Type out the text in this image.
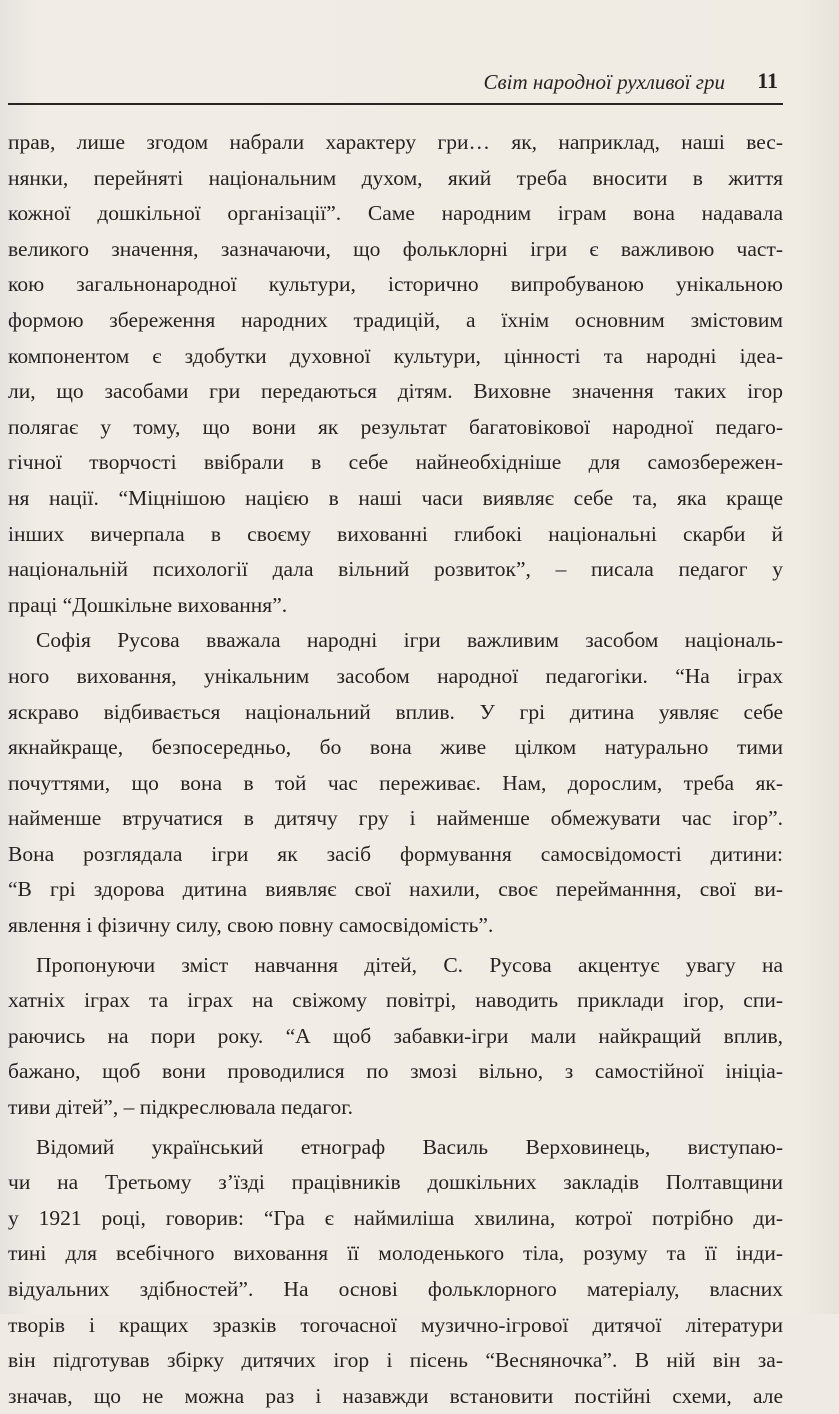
Світ народної рухливої гри 11
прав, лише згодом набрали характеру гри… як, наприклад, наші вес-
нянки, перейняті національним духом, який треба вносити в життя
кожної дошкільної організації”. Саме народним іграм вона надавала
великого значення, зазначаючи, що фольклорні ігри є важливою част-
кою загальнонародної культури, історично випробуваною унікальною
формою збереження народних традицій, а їхнім основним змістовим
компонентом є здобутки духовної культури, цінності та народні ідеа-
ли, що засобами гри передаються дітям. Виховне значення таких ігор
полягає у тому, що вони як результат багатовікової народної педаго-
гічної творчості ввібрали в себе найнеобхідніше для самозбережен-
ня нації. “Міцнішою нацією в наші часи виявляє себе та, яка краще
інших вичерпала в своєму вихованні глибокі національні скарби й
національній психології дала вільний розвиток”, – писала педагог у
праці “Дошкільне виховання”.
Софія Русова вважала народні ігри важливим засобом національ-
ного виховання, унікальним засобом народної педагогіки. “На іграх
яскраво відбивається національний вплив. У грі дитина уявляє себе
якнайкраще, безпосередньо, бо вона живе цілком натурально тими
почуттями, що вона в той час переживає. Нам, дорослим, треба як-
найменше втручатися в дитячу гру і найменше обмежувати час ігор”.
Вона розглядала ігри як засіб формування самосвідомості дитини:
“В грі здорова дитина виявляє свої нахили, своє перейманння, свої ви-
явлення і фізичну силу, свою повну самосвідомість”.
Пропонуючи зміст навчання дітей, С. Русова акцентує увагу на
хатніх іграх та іграх на свіжому повітрі, наводить приклади ігор, спи-
раючись на пори року. “А щоб забавки-ігри мали найкращий вплив,
бажано, щоб вони проводилися по змозі вільно, з самостійної ініціа-
тиви дітей”, – підкреслювала педагог.
Відомий український етнограф Василь Верховинець, виступаю-
чи на Третьому з’їзді працівників дошкільних закладів Полтавщини
у 1921 році, говорив: “Гра є наймиліша хвилина, котрої потрібно ди-
тині для всебічного виховання її молоденького тіла, розуму та її інди-
відуальних здібностей”. На основі фольклорного матеріалу, власних
творів і кращих зразків тогочасної музично-ігрової дитячої літератури
він підготував збірку дитячих ігор і пісень “Весняночка”. В ній він за-
значав, що не можна раз і назавжди встановити постійні схеми, але
